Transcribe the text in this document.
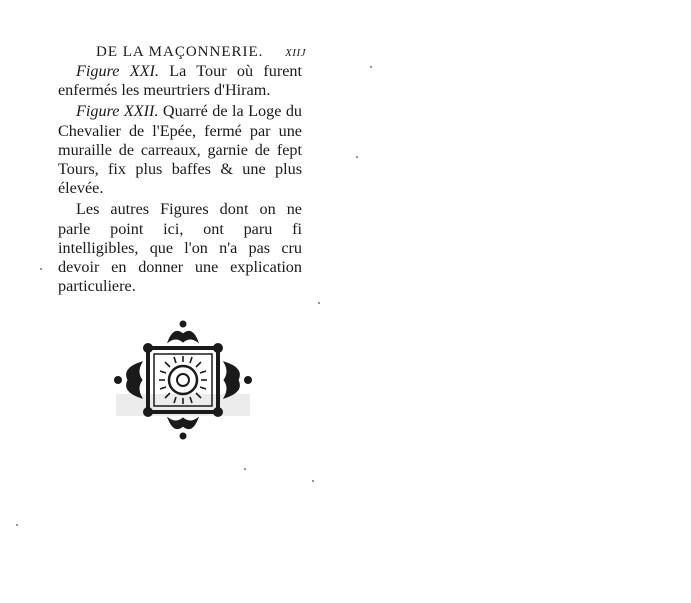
DE LA MAÇONNERIE. xiij

Figure XXI. La Tour où furent enfermés les meurtriers d'Hiram.

Figure XXII. Quarré de la Loge du Chevalier de l'Epée, fermé par une muraille de carreaux, garnie de fept Tours, fix plus baffes & une plus élevée.

Les autres Figures dont on ne parle point ici, ont paru fi intelligibles, que l'on n'a pas cru devoir en donner une explication particuliere.
